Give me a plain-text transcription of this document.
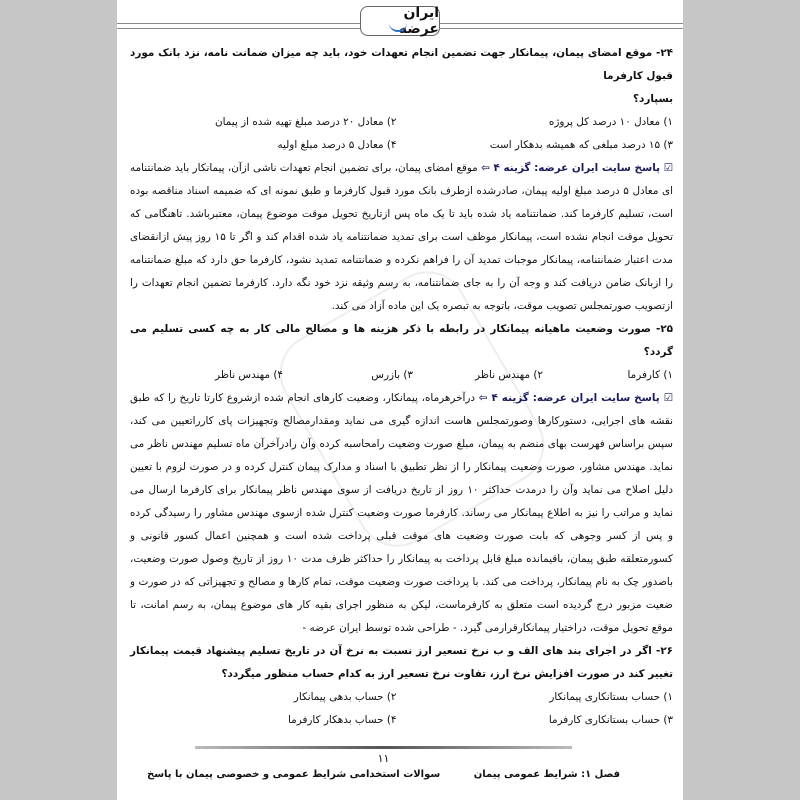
ایران عرضه

۲۴- موقع امضای پیمان، پیمانکار جهت تضمین انجام تعهدات خود، باید چه میزان ضمانت نامه، نزد بانک مورد قبول کارفرما

بسپارد؟

۱) معادل ۱۰ درصد کل پروژه
۲) معادل ۲۰ درصد مبلغ تهیه شده از پیمان
۳) ۱۵ درصد مبلغی که همیشه بدهکار است
۴) معادل ۵ درصد مبلغ اولیه

☑ پاسخ سایت ایران عرضه: گزینه ۴ ⇦ موقع امضای پیمان، برای تضمین انجام تعهدات ناشی ازآن، پیمانکار باید ضمانتنامه ای معادل ۵ درصد مبلغ اولیه پیمان، صادرشده ازطرف بانک مورد قبول کارفرما و طبق نمونه ای که ضمیمه اسناد مناقصه بوده است، تسلیم کارفرما کند. ضمانتنامه یاد شده باید تا یک ماه پس ازتاریخ تحویل موقت موضوع پیمان، معتبرباشد. تاهنگامی که تحویل موقت انجام نشده است، پیمانکار موظف است برای تمدید ضمانتنامه یاد شده اقدام کند و اگر تا ۱۵ روز پیش ازانقضای مدت اعتبار ضمانتنامه، پیمانکار موجبات تمدید آن را فراهم نکرده و ضمانتنامه تمدید نشود، کارفرما حق دارد که مبلغ ضمانتنامه را ازبانک ضامن دریافت کند و وجه آن را به جای ضمانتنامه، به رسم وثیقه نزد خود نگه دارد. کارفرما تضمین انجام تعهدات را ازتصویب صورتمجلس تصویب موقت، باتوجه به تبصره یک این ماده آزاد می کند.

۲۵- صورت وضعیت ماهیانه پیمانکار در رابطه با ذکر هزینه ها و مصالح مالی کار به چه کسی تسلیم می گردد؟

۱) کارفرما
۲) مهندس ناظر
۳) بازرس
۴) مهندس ناظر

☑ پاسخ سایت ایران عرضه: گزینه ۴ ⇦ درآخرهرماه، پیمانکار، وضعیت کارهای انجام شده ازشروع کارتا تاریخ را که طبق نقشه های اجرایی، دستورکارها وصورتمجلس هاست اندازه گیری می نماید ومقدارمصالح وتجهیزات پای کارراتعیین می کند، سپس براساس فهرست بهای منضم به پیمان، مبلغ صورت وضعیت رامحاسبه کرده وآن رادرآخرآن ماه تسلیم مهندس ناظر می نماید. مهندس مشاور، صورت وضعیت پیمانکار را از نظر تطبیق با اسناد و مدارک پیمان کنترل کرده و در صورت لزوم با تعیین دلیل اصلاح می نماید وآن را درمدت حداکثر ۱۰ روز از تاریخ دریافت از سوی مهندس ناظر پیمانکار برای کارفرما ارسال می نماید و مراتب را نیز به اطلاع پیمانکار می رساند. کارفرما صورت وضعیت کنترل شده ازسوی مهندس مشاور را رسیدگی کرده و پس از کسر وجوهی که بابت صورت وضعیت های موقت قبلی پرداخت شده است و همچنین اعمال کسور قانونی و کسورمتعلقه طبق پیمان، باقیمانده مبلغ قابل پرداخت به پیمانکار را حداکثر ظرف مدت ۱۰ روز از تاریخ وصول صورت وضعیت، باصدور چک به نام پیمانکار، پرداخت می کند. با پرداخت صورت وضعیت موقت، تمام کارها و مصالح و تجهیزاتی که در صورت و ضعیت مزبور درج گردیده است متعلق به کارفرماست، لیکن به منظور اجرای بقیه کار های موضوع پیمان، به رسم امانت، تا موقع تحویل موقت، دراختیار پیمانکارقرارمی گیرد. - طراحی شده توسط ایران عرضه -

۲۶- اگر در اجرای بند های الف و ب نرخ تسعیر ارز نسبت به نرخ آن در تاریخ تسلیم پیشنهاد قیمت پیمانکار تغییر کند در صورت افزایش نرخ ارز، تفاوت نرخ تسعیر ارز به کدام حساب منظور میگردد؟

۱) حساب بستانکاری پیمانکار
۲) حساب بدهی پیمانکار
۳) حساب بستانکاری کارفرما
۴) حساب بدهکار کارفرما
۱۱
فصل ۱: شرایط عمومی پیمان
سوالات استخدامی شرایط عمومی و خصوصی پیمان با پاسخ
